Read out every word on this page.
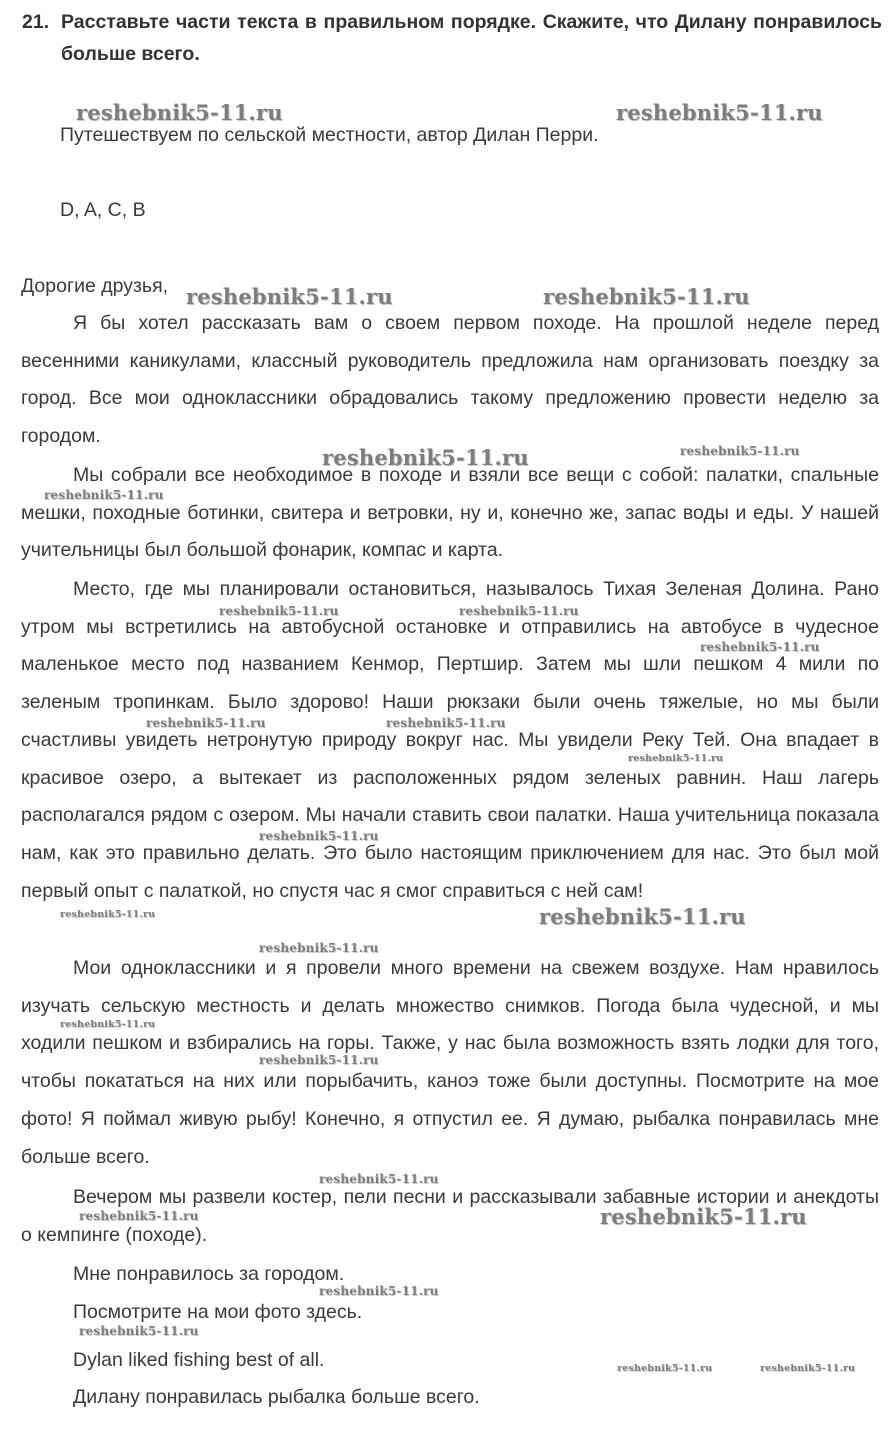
21. Расставьте части текста в правильном порядке. Скажите, что Дилану понравилось больше всего.
Путешествуем по сельской местности, автор Дилан Перри.
D, A, C, B
Дорогие друзья,
Я бы хотел рассказать вам о своем первом походе. На прошлой неделе перед весенними каникулами, классный руководитель предложила нам организовать поездку за город. Все мои одноклассники обрадовались такому предложению провести неделю за городом.
Мы собрали все необходимое в походе и взяли все вещи с собой: палатки, спальные мешки, походные ботинки, свитера и ветровки, ну и, конечно же, запас воды и еды. У нашей учительницы был большой фонарик, компас и карта.
Место, где мы планировали остановиться, называлось Тихая Зеленая Долина. Рано утром мы встретились на автобусной остановке и отправились на автобусе в чудесное маленькое место под названием Кенмор, Пертшир. Затем мы шли пешком 4 мили по зеленым тропинкам. Было здорово! Наши рюкзаки были очень тяжелые, но мы были счастливы увидеть нетронутую природу вокруг нас. Мы увидели Реку Тей. Она впадает в красивое озеро, а вытекает из расположенных рядом зеленых равнин. Наш лагерь располагался рядом с озером. Мы начали ставить свои палатки. Наша учительница показала нам, как это правильно делать. Это было настоящим приключением для нас. Это был мой первый опыт с палаткой, но спустя час я смог справиться с ней сам!
Мои одноклассники и я провели много времени на свежем воздухе. Нам нравилось изучать сельскую местность и делать множество снимков. Погода была чудесной, и мы ходили пешком и взбирались на горы. Также, у нас была возможность взять лодки для того, чтобы покататься на них или порыбачить, каноэ тоже были доступны. Посмотрите на мое фото! Я поймал живую рыбу! Конечно, я отпустил ее. Я думаю, рыбалка понравилась мне больше всего.
Вечером мы развели костер, пели песни и рассказывали забавные истории и анекдоты о кемпинге (походе).
Мне понравилось за городом.
Посмотрите на мои фото здесь.
Dylan liked fishing best of all.
Дилану понравилась рыбалка больше всего.
reshebnik5-11.ru	reshebnik5-11.ru
reshebnik5-11.ru	reshebnik5-11.ru
reshebnik5-11.ru	reshebnik5-11.ru
reshebnik5-11.ru
reshebnik5-11.ru	reshebnik5-11.ru
reshebnik5-11.ru
reshebnik5-11.ru	reshebnik5-11.ru
reshebnik5-11.ru
reshebnik5-11.ru
reshebnik5-11.ru	reshebnik5-11.ru
reshebnik5-11.ru
reshebnik5-11.ru
reshebnik5-11.ru
reshebnik5-11.ru
reshebnik5-11.ru	reshebnik5-11.ru
reshebnik5-11.ru
reshebnik5-11.ru
reshebnik5-11.ru	reshebnik5-11.ru
